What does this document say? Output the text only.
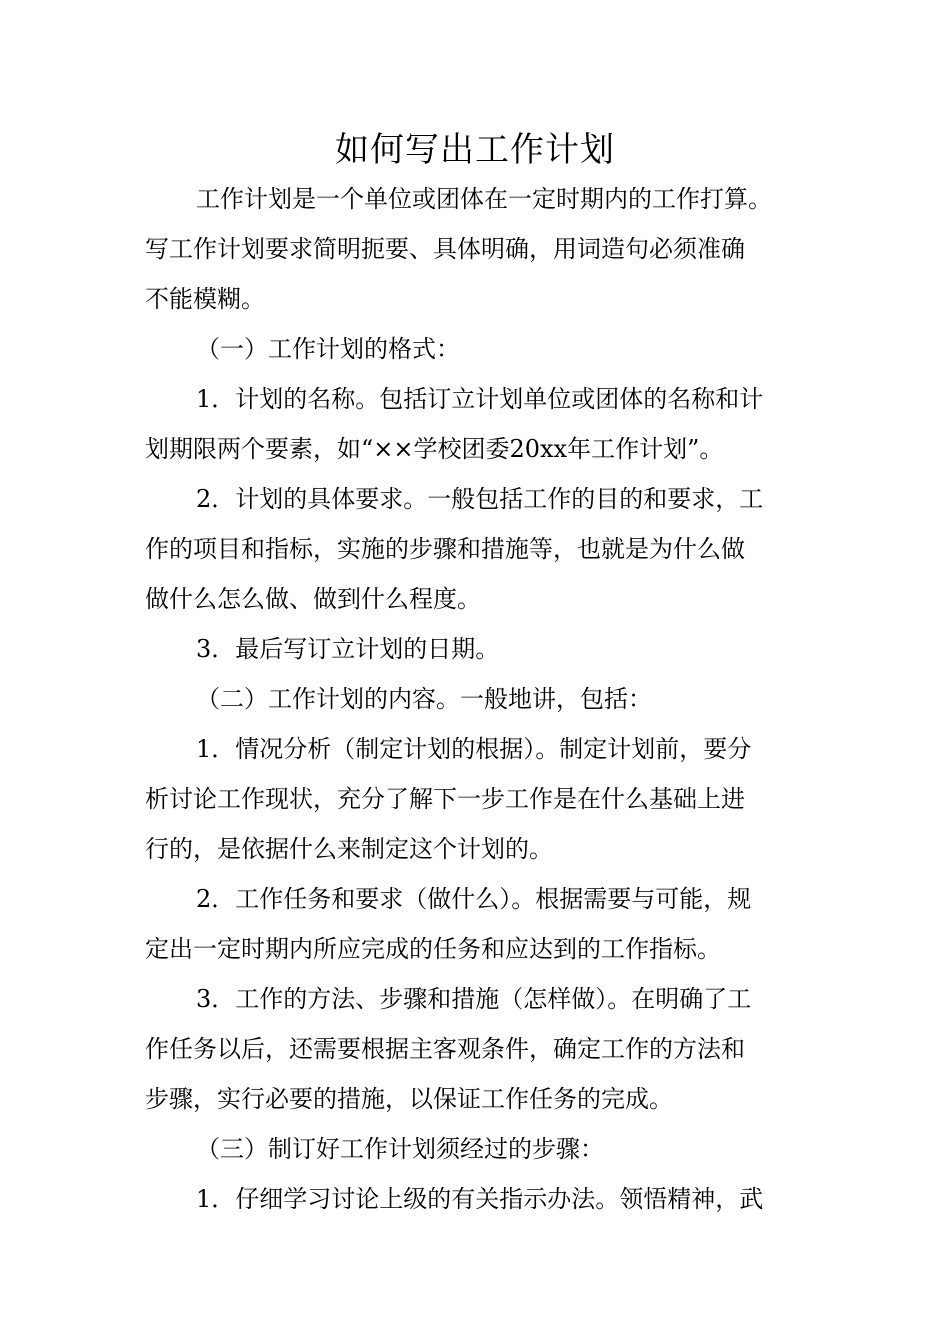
如何写出工作计划
工作计划是一个单位或团体在一定时期内的工作打算。
写工作计划要求简明扼要、具体明确，用词造句必须准确
不能模糊。
（一）工作计划的格式：
1．计划的名称。包括订立计划单位或团体的名称和计
划期限两个要素，如“××学校团委20xx年工作计划”。
2．计划的具体要求。一般包括工作的目的和要求，工
作的项目和指标，实施的步骤和措施等，也就是为什么做
做什么怎么做、做到什么程度。
3．最后写订立计划的日期。
（二）工作计划的内容。一般地讲，包括：
1．情况分析（制定计划的根据）。制定计划前，要分
析讨论工作现状，充分了解下一步工作是在什么基础上进
行的，是依据什么来制定这个计划的。
2．工作任务和要求（做什么）。根据需要与可能，规
定出一定时期内所应完成的任务和应达到的工作指标。
3．工作的方法、步骤和措施（怎样做）。在明确了工
作任务以后，还需要根据主客观条件，确定工作的方法和
步骤，实行必要的措施，以保证工作任务的完成。
（三）制订好工作计划须经过的步骤：
1．仔细学习讨论上级的有关指示办法。领悟精神，武
